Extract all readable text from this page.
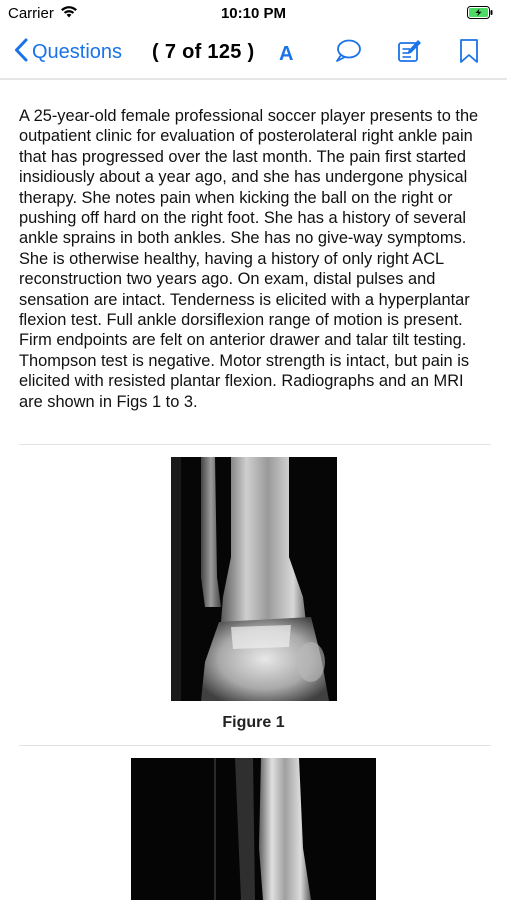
Carrier	10:10 PM
Questions ( 7 of 125 ) A
A 25-year-old female professional soccer player presents to the outpatient clinic for evaluation of posterolateral right ankle pain that has progressed over the last month. The pain first started insidiously about a year ago, and she has undergone physical therapy. She notes pain when kicking the ball on the right or pushing off hard on the right foot. She has a history of several ankle sprains in both ankles. She has no give-way symptoms. She is otherwise healthy, having a history of only right ACL reconstruction two years ago. On exam, distal pulses and sensation are intact. Tenderness is elicited with a hyperplantar flexion test. Full ankle dorsiflexion range of motion is present. Firm endpoints are felt on anterior drawer and talar tilt testing. Thompson test is negative. Motor strength is intact, but pain is elicited with resisted plantar flexion. Radiographs and an MRI are shown in Figs 1 to 3.
Figure 1
